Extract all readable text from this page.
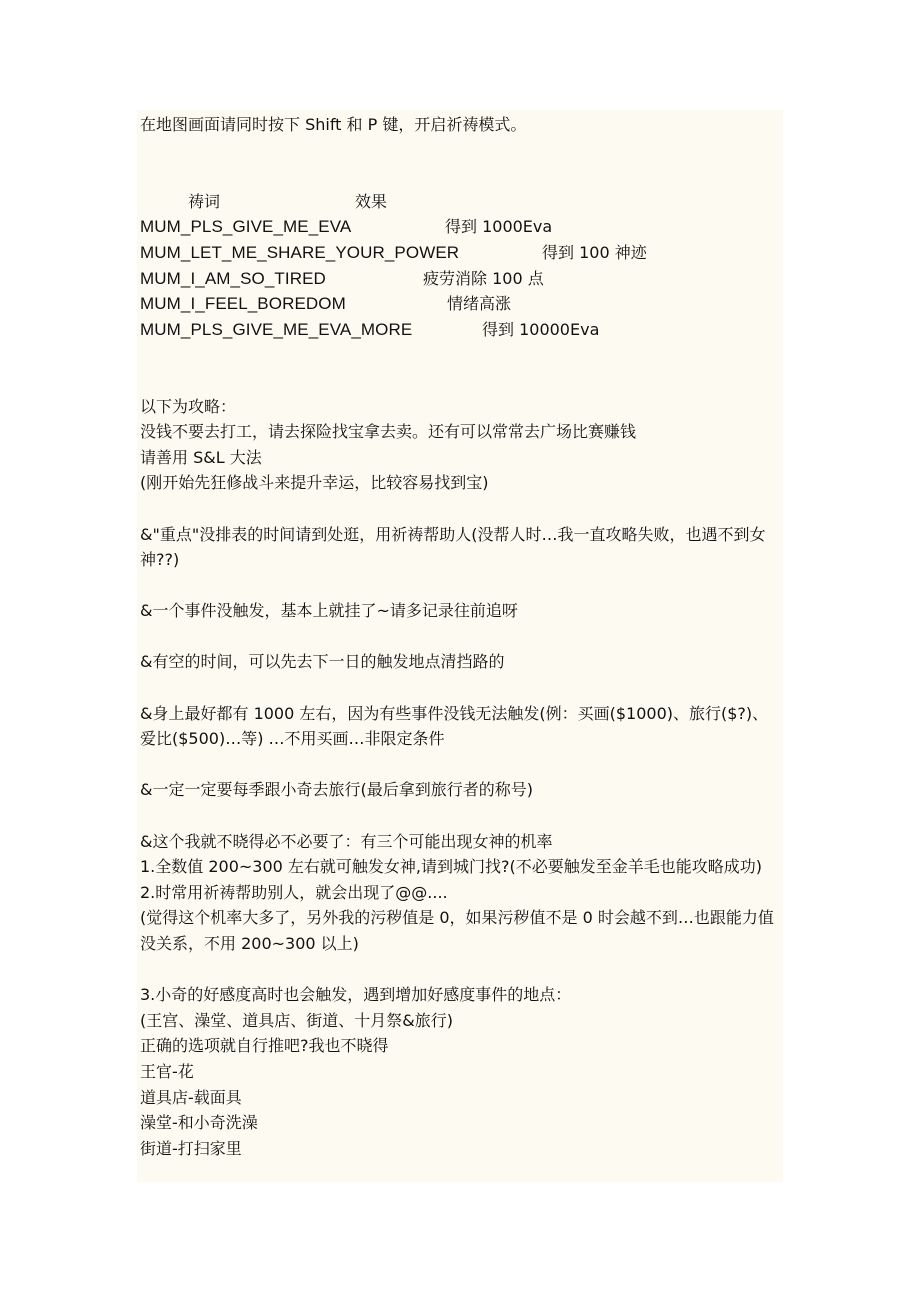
在地图画面请同时按下 Shift 和 P 键，开启祈祷模式。

祷词	效果
MUM_PLS_GIVE_ME_EVA	得到 1000Eva
MUM_LET_ME_SHARE_YOUR_POWER	得到 100 神迹
MUM_I_AM_SO_TIRED	疲劳消除 100 点
MUM_I_FEEL_BOREDOM	情绪高涨
MUM_PLS_GIVE_ME_EVA_MORE	得到 10000Eva

以下为攻略：

没钱不要去打工，请去探险找宝拿去卖。还有可以常常去广场比赛赚钱

请善用 S&L 大法

(刚开始先狂修战斗来提升幸运，比较容易找到宝)

&"重点"没排表的时间请到处逛，用祈祷帮助人(没帮人时…我一直攻略失败，也遇不到女神??)

&一个事件没触发，基本上就挂了~请多记录往前追呀

&有空的时间，可以先去下一日的触发地点清挡路的

&身上最好都有 1000 左右，因为有些事件没钱无法触发(例：买画($1000)、旅行($?)、爱比($500)…等) …不用买画…非限定条件

&一定一定要每季跟小奇去旅行(最后拿到旅行者的称号)

&这个我就不晓得必不必要了：有三个可能出现女神的机率

1.全数值 200~300 左右就可触发女神,请到城门找?(不必要触发至金羊毛也能攻略成功)

2.时常用祈祷帮助别人，就会出现了@@....

(觉得这个机率大多了，另外我的污秽值是 0，如果污秽值不是 0 时会越不到…也跟能力值没关系，不用 200~300 以上)

3.小奇的好感度高时也会触发，遇到增加好感度事件的地点：

(王宫、澡堂、道具店、街道、十月祭&旅行)

正确的选项就自行推吧?我也不晓得

王官-花

道具店-载面具

澡堂-和小奇洗澡

街道-打扫家里
